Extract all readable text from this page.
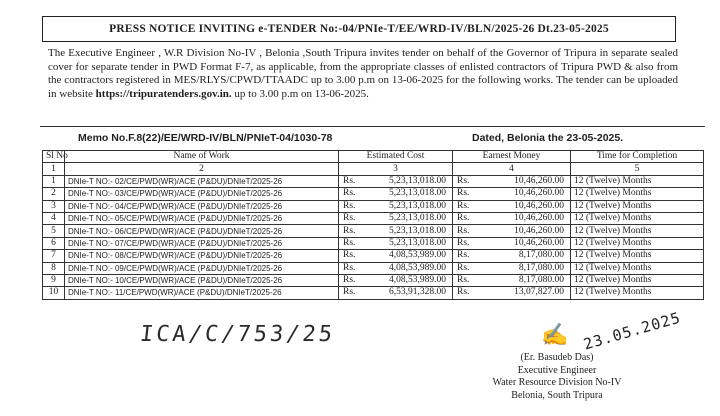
PRESS NOTICE INVITING e-TENDER No:-04/PNIe-T/EE/WRD-IV/BLN/2025-26 Dt.23-05-2025
The Executive Engineer , W.R Division No-IV , Belonia ,South Tripura invites tender on behalf of the Governor of Tripura in separate sealed cover for separate tender in PWD Format F-7, as applicable, from the appropriate classes of enlisted contractors of Tripura PWD & also from the contractors registered in MES/RLYS/CPWD/TTAADC up to 3.00 p.m on 13-06-2025 for the following works. The tender can be uploaded in website https://tripuratenders.gov.in. up to 3.00 p.m on 13-06-2025.
Memo No.F.8(22)/EE/WRD-IV/BLN/PNIeT-04/1030-78	Dated, Belonia the 23-05-2025.
Sl No	Name of Work	Estimated Cost		Earnest Money		Time for Completion
1	2	3		4		5
1	DNIe-T NO:- 02/CE/PWD(WR)/ACE (P&DU)/DNIeT/2025-26	Rs.	5,23,13,018.00	Rs.	10,46,260.00	12 (Twelve) Months
2	DNIe-T NO:- 03/CE/PWD(WR)/ACE (P&DU)/DNIeT/2025-26	Rs.	5,23,13,018.00	Rs.	10,46,260.00	12 (Twelve) Months
3	DNIe-T NO:- 04/CE/PWD(WR)/ACE (P&DU)/DNIeT/2025-26	Rs.	5,23,13,018.00	Rs.	10,46,260.00	12 (Twelve) Months
4	DNIe-T NO:- 05/CE/PWD(WR)/ACE (P&DU)/DNIeT/2025-26	Rs.	5,23,13,018.00	Rs.	10,46,260.00	12 (Twelve) Months
5	DNIe-T NO:- 06/CE/PWD(WR)/ACE (P&DU)/DNIeT/2025-26	Rs.	5,23,13,018.00	Rs.	10,46,260.00	12 (Twelve) Months
6	DNIe-T NO:- 07/CE/PWD(WR)/ACE (P&DU)/DNIeT/2025-26	Rs.	5,23,13,018.00	Rs.	10,46,260.00	12 (Twelve) Months
7	DNIe-T NO:- 08/CE/PWD(WR)/ACE (P&DU)/DNIeT/2025-26	Rs.	4,08,53,989.00	Rs.	8,17,080.00	12 (Twelve) Months
8	DNIe-T NO:- 09/CE/PWD(WR)/ACE (P&DU)/DNIeT/2025-26	Rs.	4,08,53,989.00	Rs.	8,17,080.00	12 (Twelve) Months
9	DNIe-T NO:- 10/CE/PWD(WR)/ACE (P&DU)/DNIeT/2025-26	Rs.	4,08,53,989.00	Rs.	8,17,080.00	12 (Twelve) Months
10	DNIe-T NO:- 11/CE/PWD(WR)/ACE (P&DU)/DNIeT/2025-26	Rs.	6,53,91,328.00	Rs.	13,07,827.00	12 (Twelve) Months
ICA/C/753/25	✍ 23.05.2025
(Er. Basudeb Das)
Executive Engineer
Water Resource Division No-IV
Belonia, South Tripura
